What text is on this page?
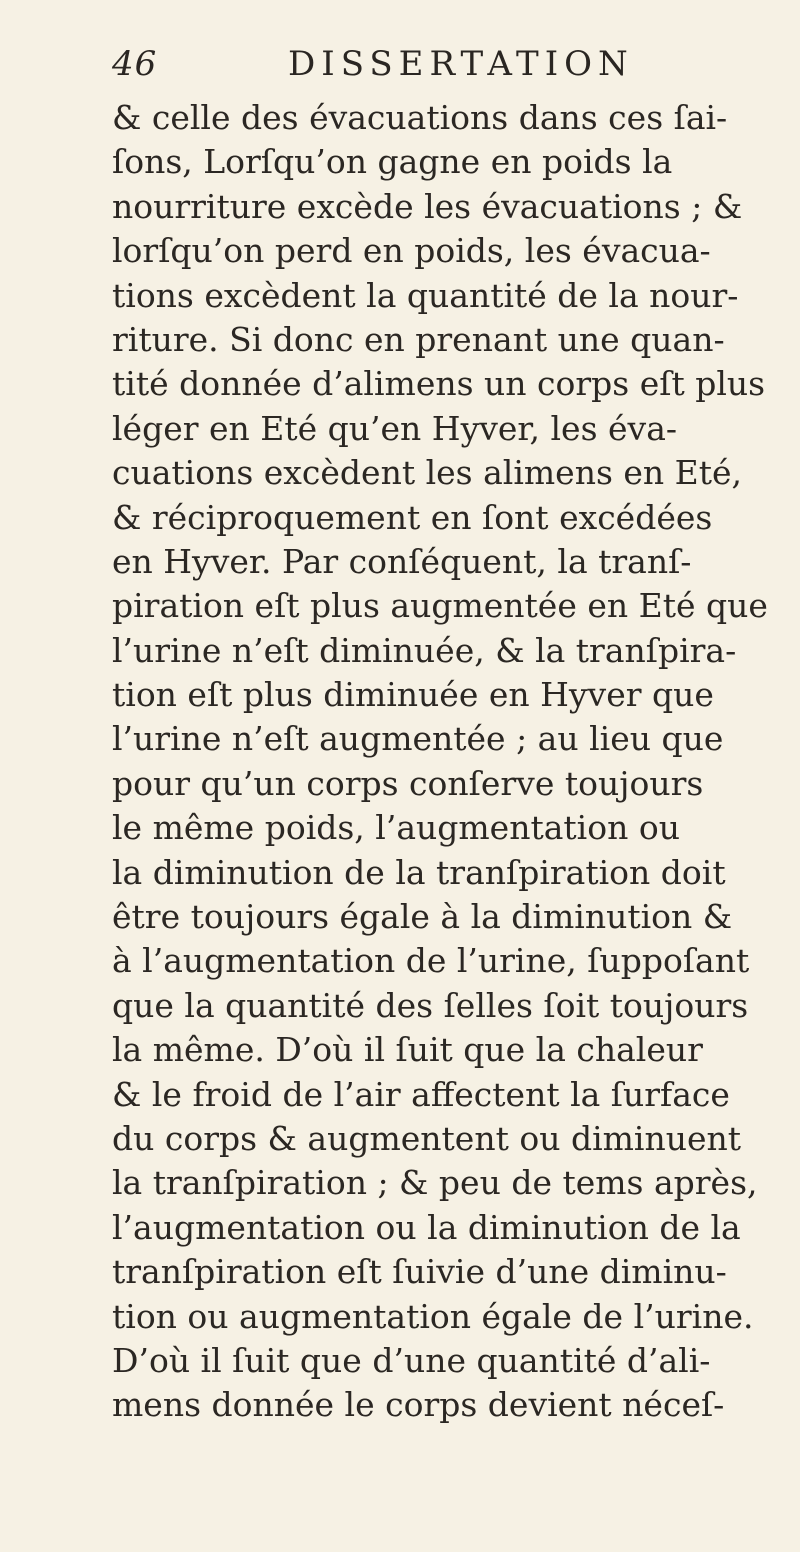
46	DISSERTATION
& celle des évacuations dans ces ſai-
ſons, Lorſqu’on gagne en poids la
nourriture excède les évacuations ; &
lorſqu’on perd en poids, les évacua-
tions excèdent la quantité de la nour-
riture. Si donc en prenant une quan-
tité donnée d’alimens un corps eſt plus
léger en Eté qu’en Hyver, les éva-
cuations excèdent les alimens en Eté,
& réciproquement en ſont excédées
en Hyver. Par conſéquent, la tranſ-
piration eſt plus augmentée en Eté que
l’urine n’eſt diminuée, & la tranſpira-
tion eſt plus diminuée en Hyver que
l’urine n’eſt augmentée ; au lieu que
pour qu’un corps conſerve toujours
le même poids, l’augmentation ou
la diminution de la tranſpiration doit
être toujours égale à la diminution &
à l’augmentation de l’urine, ſuppoſant
que la quantité des ſelles ſoit toujours
la même. D’où il ſuit que la chaleur
& le froid de l’air affectent la ſurface
du corps & augmentent ou diminuent
la tranſpiration ; & peu de tems après,
l’augmentation ou la diminution de la
tranſpiration eſt ſuivie d’une diminu-
tion ou augmentation égale de l’urine.
D’où il ſuit que d’une quantité d’ali-
mens donnée le corps devient néceſ-
